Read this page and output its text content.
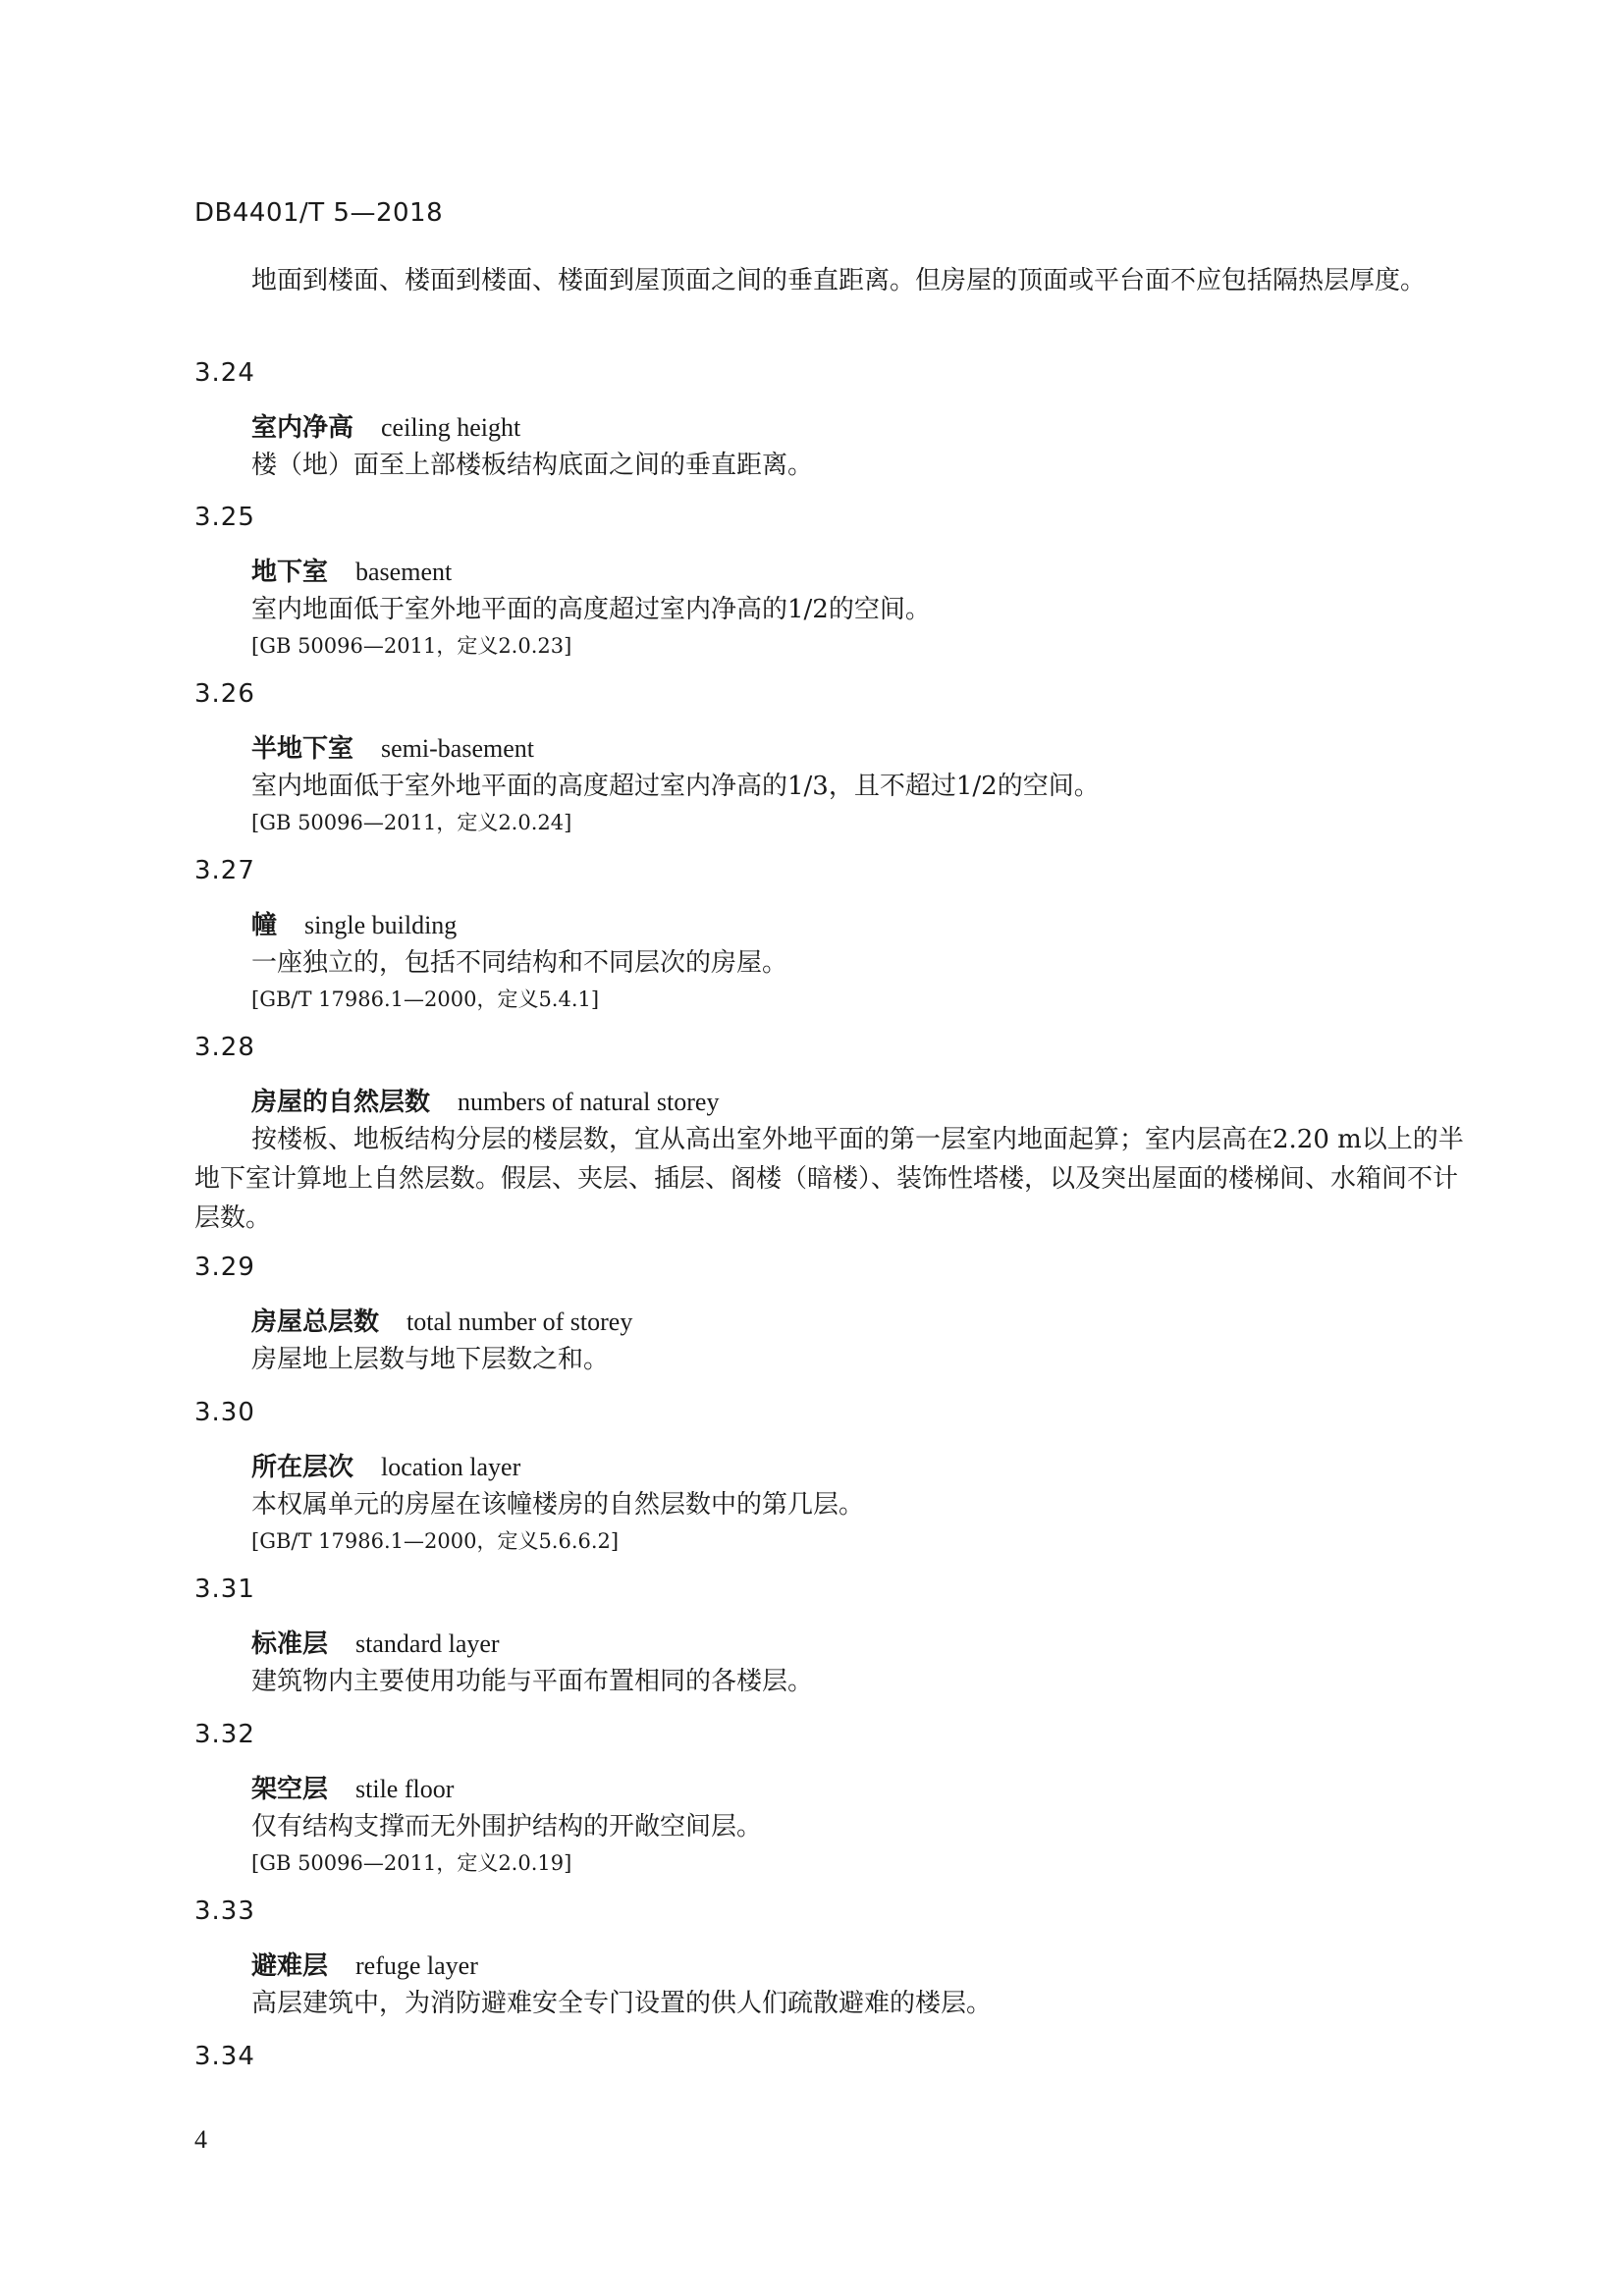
DB4401/T 5—2018
地面到楼面、楼面到楼面、楼面到屋顶面之间的垂直距离。但房屋的顶面或平台面不应包括隔热层厚度。
3.24
室内净高 ceiling height
楼（地）面至上部楼板结构底面之间的垂直距离。
3.25
地下室 basement
室内地面低于室外地平面的高度超过室内净高的1/2的空间。
[GB 50096—2011，定义2.0.23]
3.26
半地下室 semi-basement
室内地面低于室外地平面的高度超过室内净高的1/3，且不超过1/2的空间。
[GB 50096—2011，定义2.0.24]
3.27
幢 single building
一座独立的，包括不同结构和不同层次的房屋。
[GB/T 17986.1—2000，定义5.4.1]
3.28
房屋的自然层数 numbers of natural storey
按楼板、地板结构分层的楼层数，宜从高出室外地平面的第一层室内地面起算；室内层高在2.20 m以上的半地下室计算地上自然层数。假层、夹层、插层、阁楼（暗楼）、装饰性塔楼，以及突出屋面的楼梯间、水箱间不计层数。
3.29
房屋总层数 total number of storey
房屋地上层数与地下层数之和。
3.30
所在层次 location layer
本权属单元的房屋在该幢楼房的自然层数中的第几层。
[GB/T 17986.1—2000，定义5.6.6.2]
3.31
标准层 standard layer
建筑物内主要使用功能与平面布置相同的各楼层。
3.32
架空层 stile floor
仅有结构支撑而无外围护结构的开敞空间层。
[GB 50096—2011，定义2.0.19]
3.33
避难层 refuge layer
高层建筑中，为消防避难安全专门设置的供人们疏散避难的楼层。
3.34
4
